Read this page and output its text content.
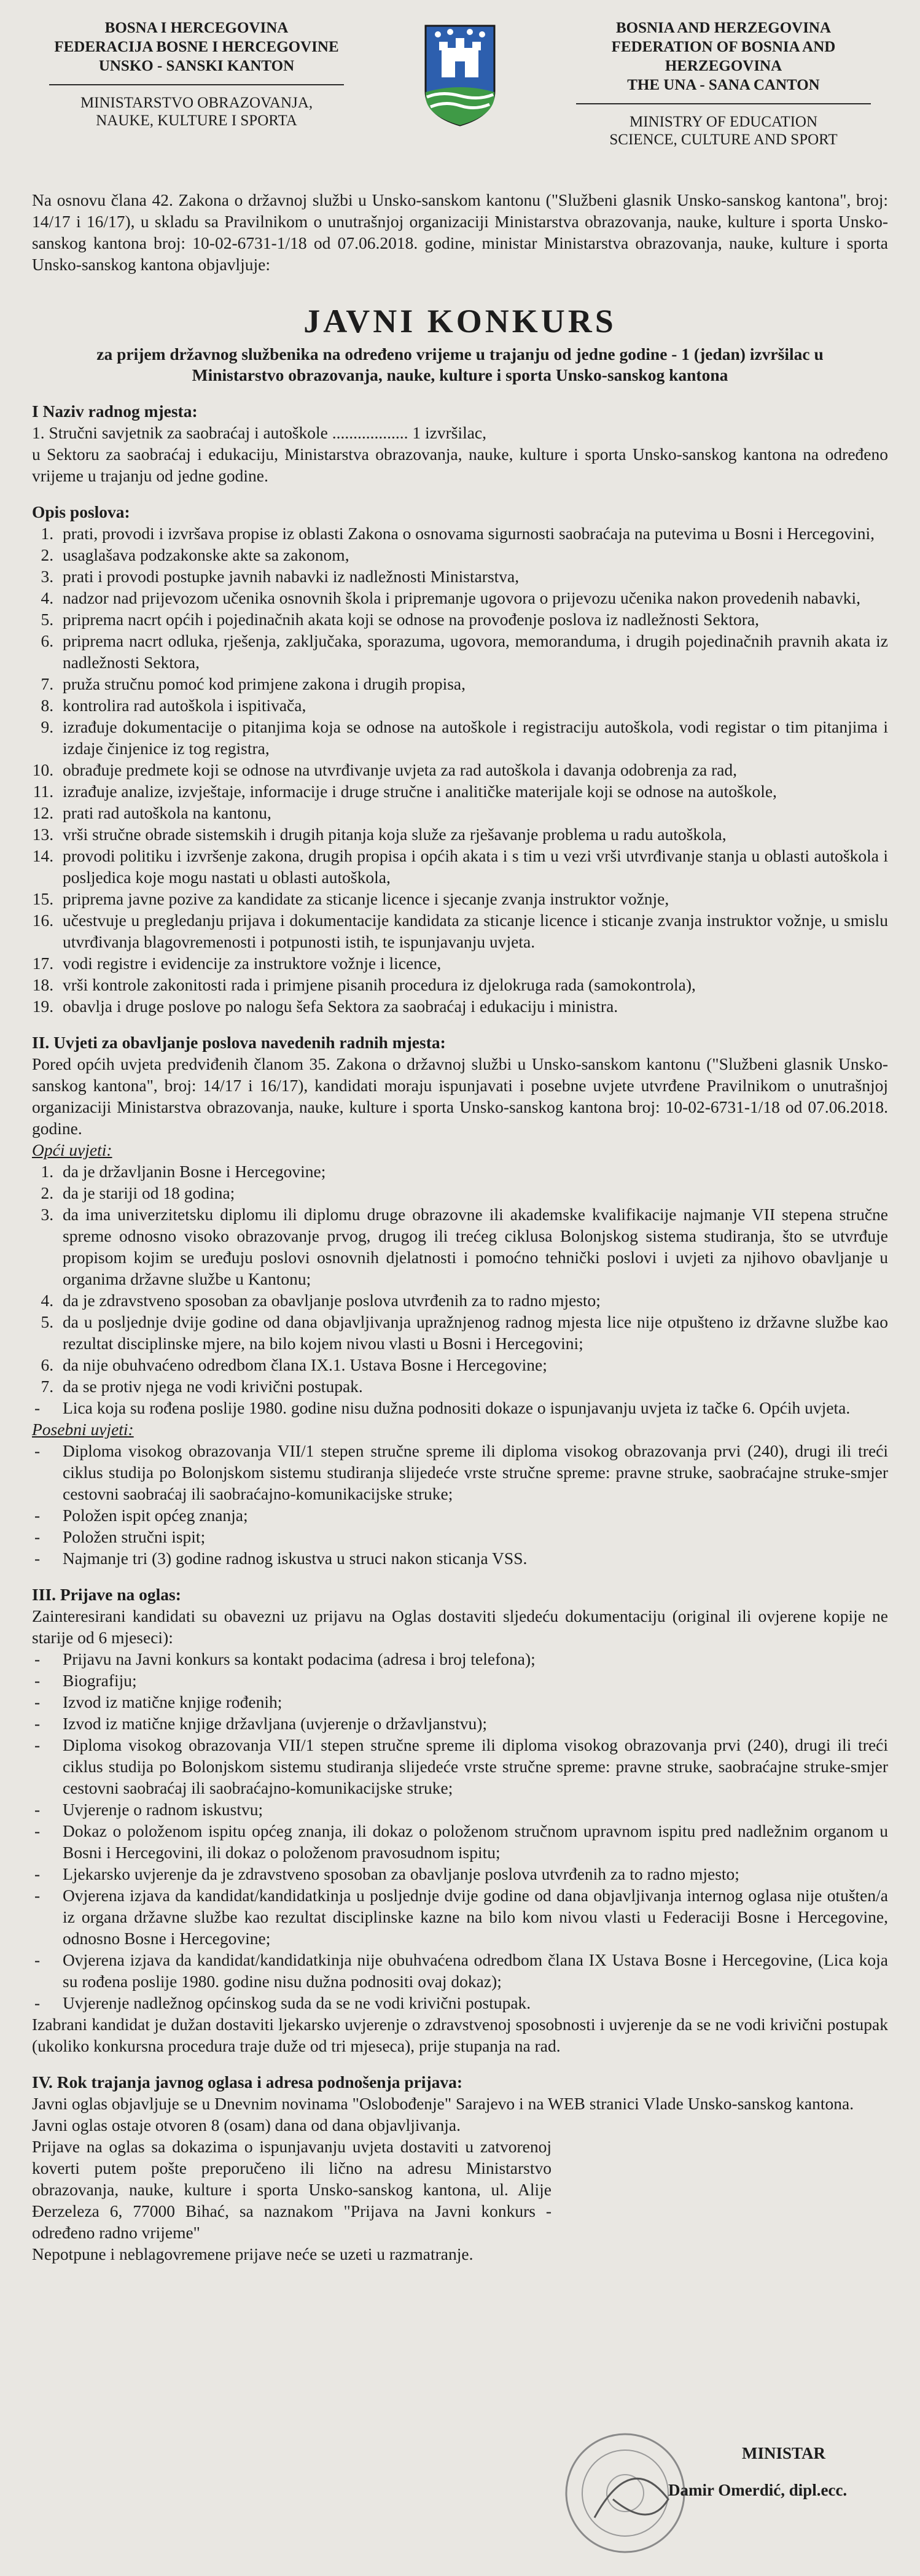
BOSNA I HERCEGOVINA
FEDERACIJA BOSNE I HERCEGOVINE
UNSKO - SANSKI KANTON
MINISTARSTVO OBRAZOVANJA,
NAUKE, KULTURE I SPORTA
BOSNIA AND HERZEGOVINA
FEDERATION OF BOSNIA AND HERZEGOVINA
THE UNA - SANA CANTON
MINISTRY OF EDUCATION
SCIENCE, CULTURE AND SPORT
Na osnovu člana 42. Zakona o državnoj službi u Unsko-sanskom kantonu ("Službeni glasnik Unsko-sanskog kantona", broj: 14/17 i 16/17), u skladu sa Pravilnikom o unutrašnjoj organizaciji Ministarstva obrazovanja, nauke, kulture i sporta Unsko-sanskog kantona broj: 10-02-6731-1/18 od 07.06.2018. godine, ministar Ministarstva obrazovanja, nauke, kulture i sporta Unsko-sanskog kantona objavljuje:
JAVNI KONKURS
za prijem državnog službenika na određeno vrijeme u trajanju od jedne godine - 1 (jedan) izvršilac u Ministarstvo obrazovanja, nauke, kulture i sporta Unsko-sanskog kantona
I Naziv radnog mjesta:
1. Stručni savjetnik za saobraćaj i autoškole .................. 1 izvršilac,
u Sektoru za saobraćaj i edukaciju, Ministarstva obrazovanja, nauke, kulture i sporta Unsko-sanskog kantona na određeno vrijeme u trajanju od jedne godine.
Opis poslova:
1. prati, provodi i izvršava propise iz oblasti Zakona o osnovama sigurnosti saobraćaja na putevima u Bosni i Hercegovini,
2. usaglašava podzakonske akte sa zakonom,
3. prati i provodi postupke javnih nabavki iz nadležnosti Ministarstva,
4. nadzor nad prijevozom učenika osnovnih škola i pripremanje ugovora o prijevozu učenika nakon provedenih nabavki,
5. priprema nacrt općih i pojedinačnih akata koji se odnose na provođenje poslova iz nadležnosti Sektora,
6. priprema nacrt odluka, rješenja, zaključaka, sporazuma, ugovora, memoranduma, i drugih pojedinačnih pravnih akata iz nadležnosti Sektora,
7. pruža stručnu pomoć kod primjene zakona i drugih propisa,
8. kontrolira rad autoškola i ispitivača,
9. izrađuje dokumentacije o pitanjima koja se odnose na autoškole i registraciju autoškola, vodi registar o tim pitanjima i izdaje činjenice iz tog registra,
10. obrađuje predmete koji se odnose na utvrđivanje uvjeta za rad autoškola i davanja odobrenja za rad,
11. izrađuje analize, izvještaje, informacije i druge stručne i analitičke materijale koji se odnose na autoškole,
12. prati rad autoškola na kantonu,
13. vrši stručne obrade sistemskih i drugih pitanja koja služe za rješavanje problema u radu autoškola,
14. provodi politiku i izvršenje zakona, drugih propisa i općih akata i s tim u vezi vrši utvrđivanje stanja u oblasti autoškola i posljedica koje mogu nastati u oblasti autoškola,
15. priprema javne pozive za kandidate za sticanje licence i sjecanje zvanja instruktor vožnje,
16. učestvuje u pregledanju prijava i dokumentacije kandidata za sticanje licence i sticanje zvanja instruktor vožnje, u smislu utvrđivanja blagovremenosti i potpunosti istih, te ispunjavanju uvjeta.
17. vodi registre i evidencije za instruktore vožnje i licence,
18. vrši kontrole zakonitosti rada i primjene pisanih procedura iz djelokruga rada (samokontrola),
19. obavlja i druge poslove po nalogu šefa Sektora za saobraćaj i edukaciju i ministra.
II. Uvjeti za obavljanje poslova navedenih radnih mjesta:
Pored općih uvjeta predviđenih članom 35. Zakona o državnoj službi u Unsko-sanskom kantonu ("Službeni glasnik Unsko-sanskog kantona", broj: 14/17 i 16/17), kandidati moraju ispunjavati i posebne uvjete utvrđene Pravilnikom o unutrašnjoj organizaciji Ministarstva obrazovanja, nauke, kulture i sporta Unsko-sanskog kantona broj: 10-02-6731-1/18 od 07.06.2018. godine.
Opći uvjeti:
1. da je državljanin Bosne i Hercegovine;
2. da je stariji od 18 godina;
3. da ima univerzitetsku diplomu ili diplomu druge obrazovne ili akademske kvalifikacije najmanje VII stepena stručne spreme odnosno visoko obrazovanje prvog, drugog ili trećeg ciklusa Bolonjskog sistema studiranja, što se utvrđuje propisom kojim se uređuju poslovi osnovnih djelatnosti i pomoćno tehnički poslovi i uvjeti za njihovo obavljanje u organima državne službe u Kantonu;
4. da je zdravstveno sposoban za obavljanje poslova utvrđenih za to radno mjesto;
5. da u posljednje dvije godine od dana objavljivanja upražnjenog radnog mjesta lice nije otpušteno iz državne službe kao rezultat disciplinske mjere, na bilo kojem nivou vlasti u Bosni i Hercegovini;
6. da nije obuhvaćeno odredbom člana IX.1. Ustava Bosne i Hercegovine;
7. da se protiv njega ne vodi krivični postupak.
- Lica koja su rođena poslije 1980. godine nisu dužna podnositi dokaze o ispunjavanju uvjeta iz tačke 6. Općih uvjeta.
Posebni uvjeti:
- Diploma visokog obrazovanja VII/1 stepen stručne spreme ili diploma visokog obrazovanja prvi (240), drugi ili treći ciklus studija po Bolonjskom sistemu studiranja slijedeće vrste stručne spreme: pravne struke, saobraćajne struke-smjer cestovni saobraćaj ili saobraćajno-komunikacijske struke;
- Položen ispit općeg znanja;
- Položen stručni ispit;
- Najmanje tri (3) godine radnog iskustva u struci nakon sticanja VSS.
III. Prijave na oglas:
Zainteresirani kandidati su obavezni uz prijavu na Oglas dostaviti sljedeću dokumentaciju (original ili ovjerene kopije ne starije od 6 mjeseci):
- Prijavu na Javni konkurs sa kontakt podacima (adresa i broj telefona);
- Biografiju;
- Izvod iz matične knjige rođenih;
- Izvod iz matične knjige državljana (uvjerenje o državljanstvu);
- Diploma visokog obrazovanja VII/1 stepen stručne spreme ili diploma visokog obrazovanja prvi (240), drugi ili treći ciklus studija po Bolonjskom sistemu studiranja slijedeće vrste stručne spreme: pravne struke, saobraćajne struke-smjer cestovni saobraćaj ili saobraćajno-komunikacijske struke;
- Uvjerenje o radnom iskustvu;
- Dokaz o položenom ispitu općeg znanja, ili dokaz o položenom stručnom upravnom ispitu pred nadležnim organom u Bosni i Hercegovini, ili dokaz o položenom pravosudnom ispitu;
- Ljekarsko uvjerenje da je zdravstveno sposoban za obavljanje poslova utvrđenih za to radno mjesto;
- Ovjerena izjava da kandidat/kandidatkinja u posljednje dvije godine od dana objavljivanja internog oglasa nije otušten/a iz organa državne službe kao rezultat disciplinske kazne na bilo kom nivou vlasti u Federaciji Bosne i Hercegovine, odnosno Bosne i Hercegovine;
- Ovjerena izjava da kandidat/kandidatkinja nije obuhvaćena odredbom člana IX Ustava Bosne i Hercegovine, (Lica koja su rođena poslije 1980. godine nisu dužna podnositi ovaj dokaz);
- Uvjerenje nadležnog općinskog suda da se ne vodi krivični postupak.
Izabrani kandidat je dužan dostaviti ljekarsko uvjerenje o zdravstvenoj sposobnosti i uvjerenje da se ne vodi krivični postupak (ukoliko konkursna procedura traje duže od tri mjeseca), prije stupanja na rad.
IV. Rok trajanja javnog oglasa i adresa podnošenja prijava:
Javni oglas objavljuje se u Dnevnim novinama "Oslobođenje" Sarajevo i na WEB stranici Vlade Unsko-sanskog kantona.
Javni oglas ostaje otvoren 8 (osam) dana od dana objavljivanja.
Prijave na oglas sa dokazima o ispunjavanju uvjeta dostaviti u zatvorenoj koverti putem pošte preporučeno ili lično na adresu Ministarstvo obrazovanja, nauke, kulture i sporta Unsko-sanskog kantona, ul. Alije Đerzeleza 6, 77000 Bihać, sa naznakom "Prijava na Javni konkurs - određeno radno vrijeme"
Nepotpune i neblagovremene prijave neće se uzeti u razmatranje.
MINISTAR
Damir Omerdić, dipl.ecc.
